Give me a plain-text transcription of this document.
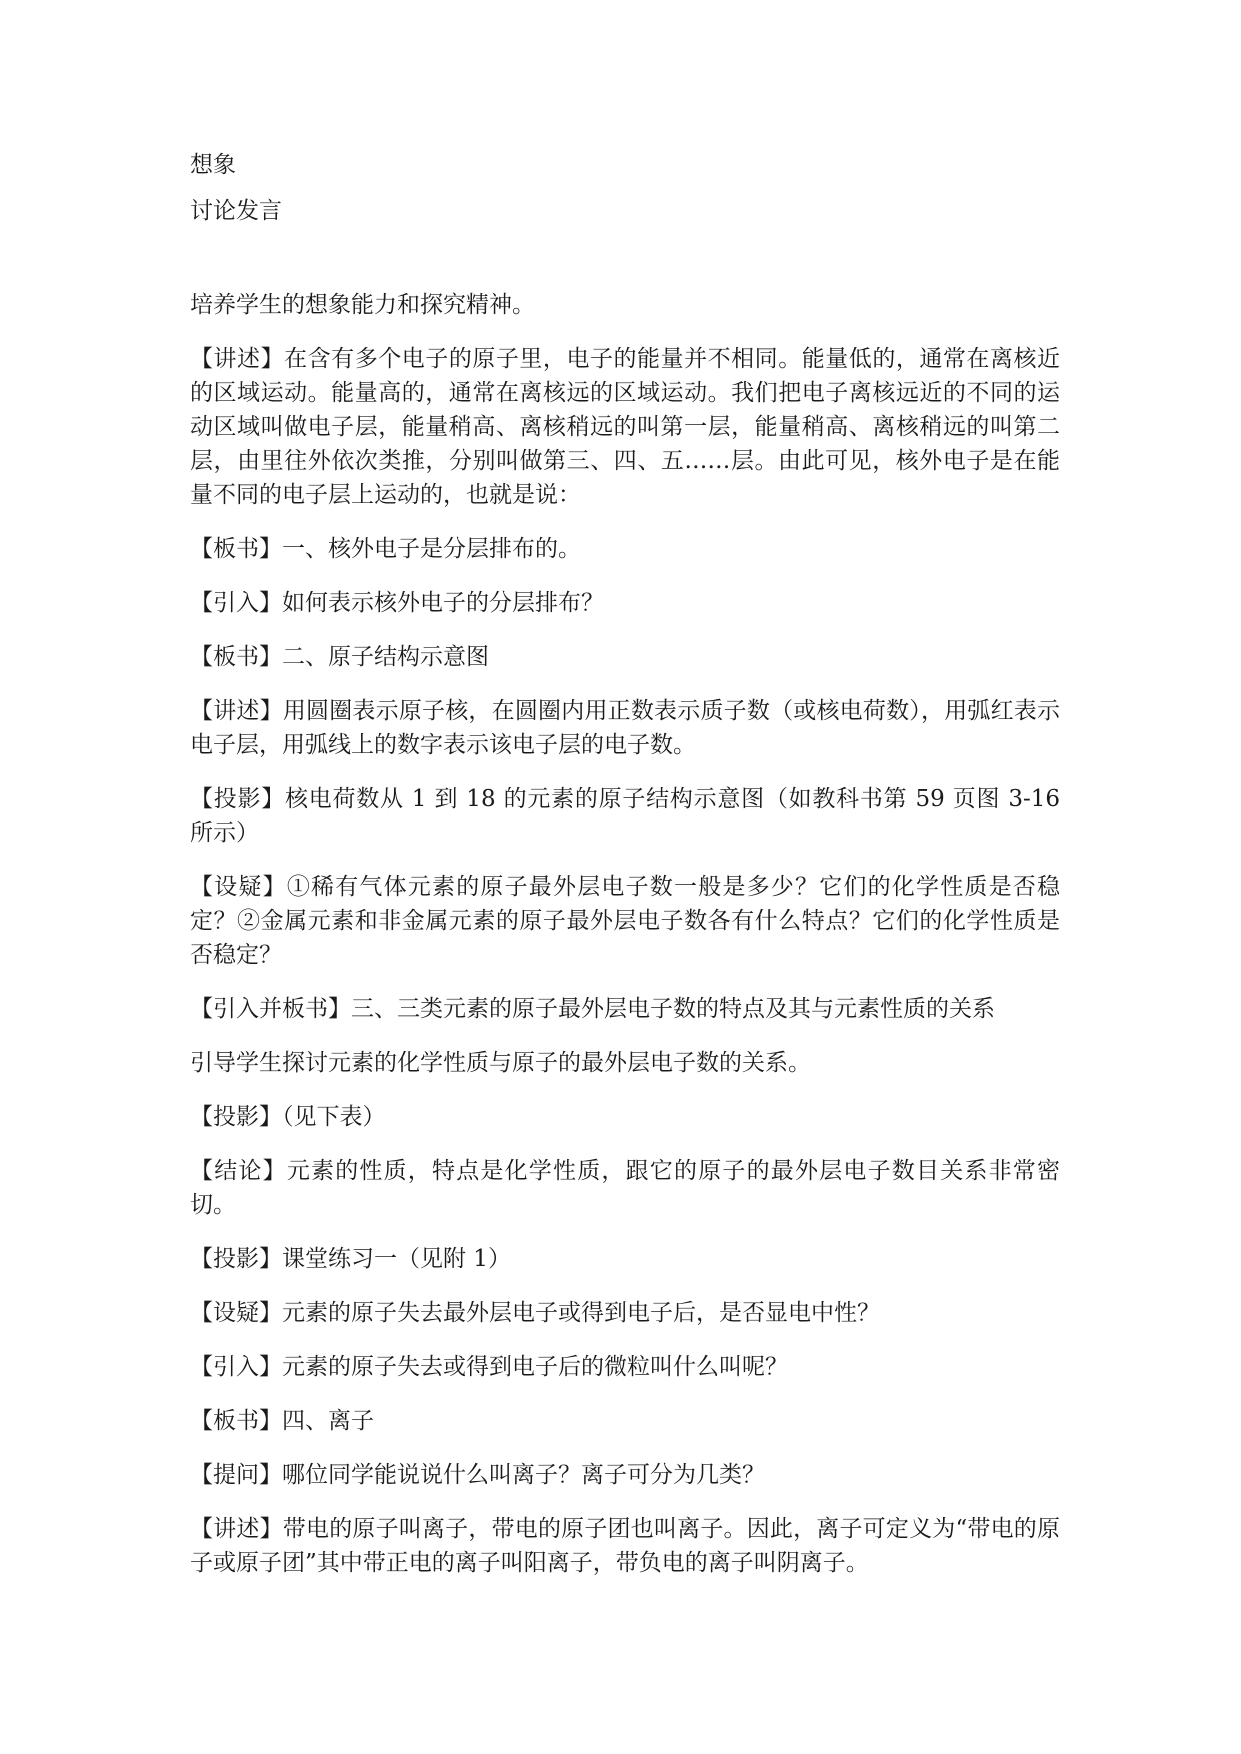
想象

讨论发言

培养学生的想象能力和探究精神。

【讲述】在含有多个电子的原子里，电子的能量并不相同。能量低的，通常在离核近的区域运动。能量高的，通常在离核远的区域运动。我们把电子离核远近的不同的运动区域叫做电子层，能量稍高、离核稍远的叫第一层，能量稍高、离核稍远的叫第二层，由里往外依次类推，分别叫做第三、四、五……层。由此可见，核外电子是在能量不同的电子层上运动的，也就是说：

【板书】一、核外电子是分层排布的。

【引入】如何表示核外电子的分层排布？

【板书】二、原子结构示意图

【讲述】用圆圈表示原子核，在圆圈内用正数表示质子数（或核电荷数），用弧红表示电子层，用弧线上的数字表示该电子层的电子数。

【投影】核电荷数从 1 到 18 的元素的原子结构示意图（如教科书第 59 页图 3-16 所示）

【设疑】①稀有气体元素的原子最外层电子数一般是多少？它们的化学性质是否稳定？②金属元素和非金属元素的原子最外层电子数各有什么特点？它们的化学性质是否稳定？

【引入并板书】三、三类元素的原子最外层电子数的特点及其与元素性质的关系

引导学生探讨元素的化学性质与原子的最外层电子数的关系。

【投影】（见下表）

【结论】元素的性质，特点是化学性质，跟它的原子的最外层电子数目关系非常密切。

【投影】课堂练习一（见附 1）

【设疑】元素的原子失去最外层电子或得到电子后，是否显电中性？

【引入】元素的原子失去或得到电子后的微粒叫什么叫呢？

【板书】四、离子

【提问】哪位同学能说说什么叫离子？离子可分为几类？

【讲述】带电的原子叫离子，带电的原子团也叫离子。因此，离子可定义为“带电的原子或原子团”其中带正电的离子叫阳离子，带负电的离子叫阴离子。
